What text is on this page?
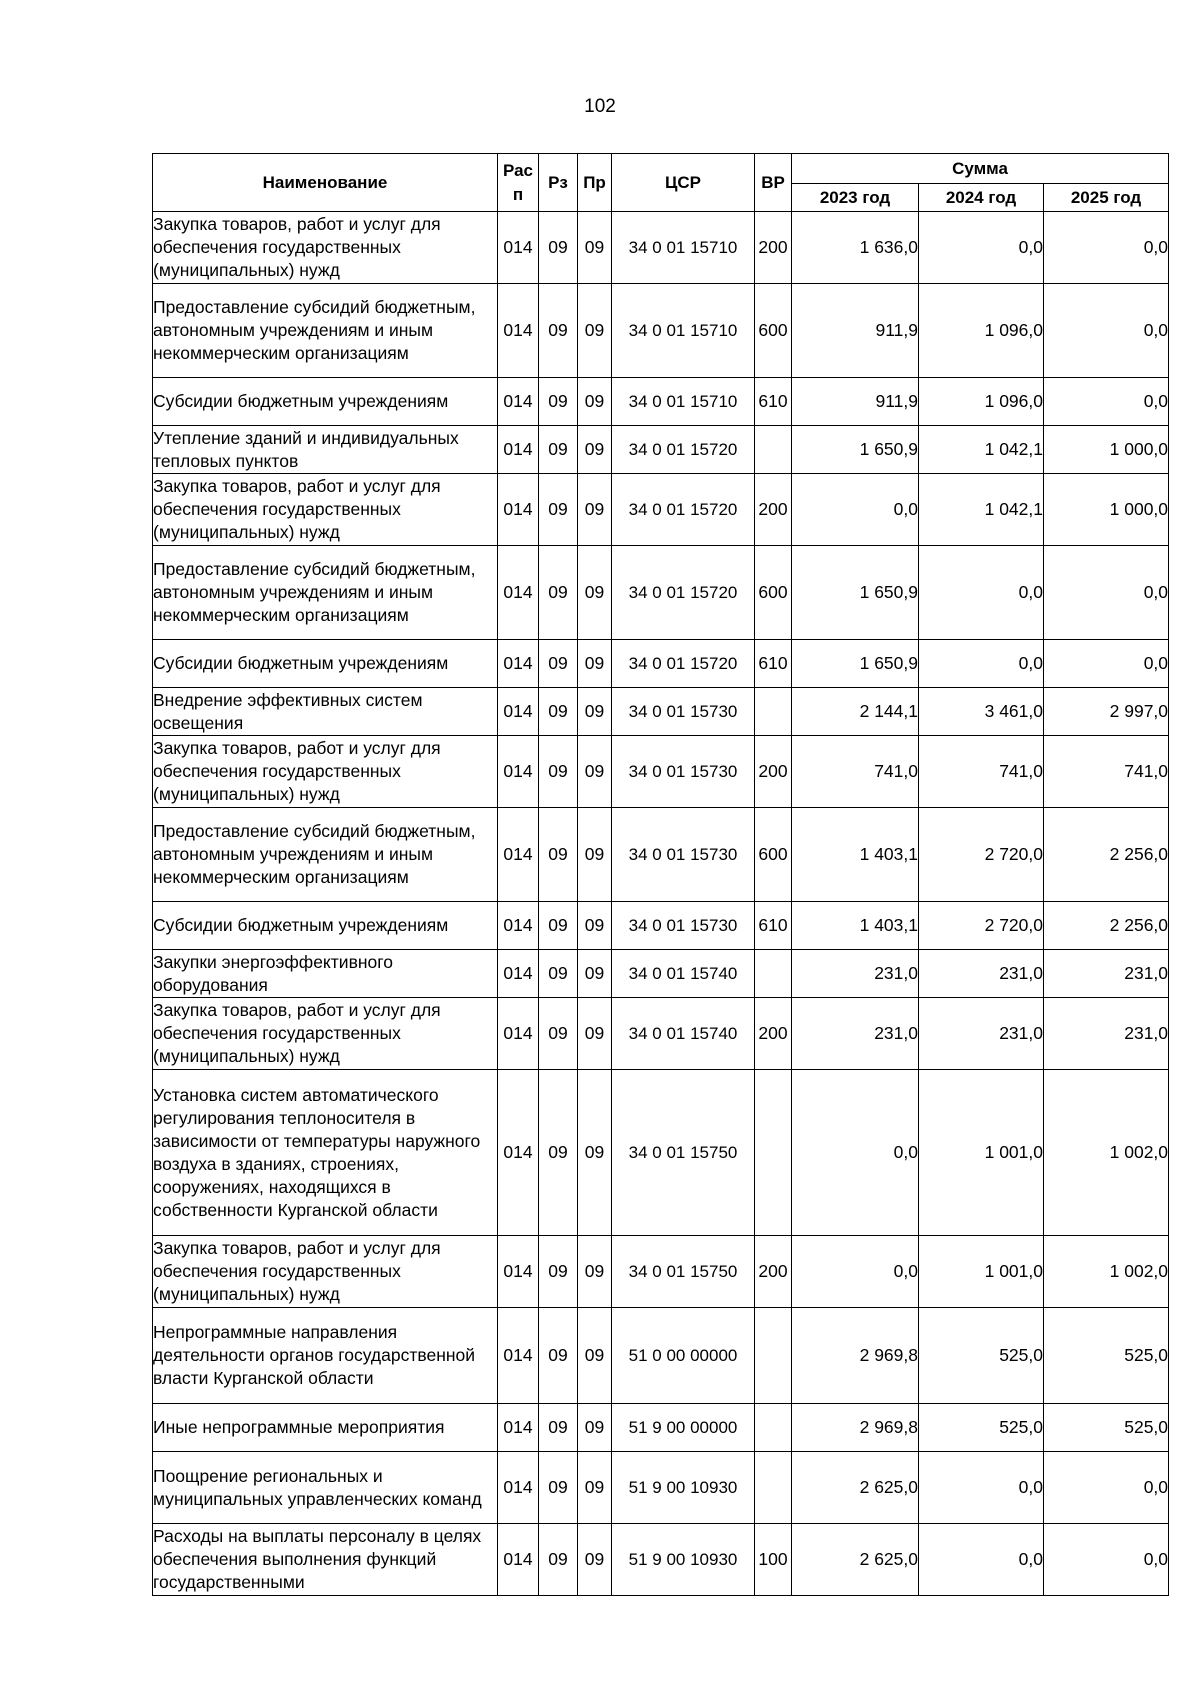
102
Наименование	Рас п	Рз	Пр	ЦСР	ВР	Сумма		
						2023 год	2024 год	2025 год
Закупка товаров, работ и услуг для обеспечения государственных (муниципальных) нужд	014	09	09	34 0 01 15710	200	1 636,0	0,0	0,0
Предоставление субсидий бюджетным, автономным учреждениям и иным некоммерческим организациям	014	09	09	34 0 01 15710	600	911,9	1 096,0	0,0
Субсидии бюджетным учреждениям	014	09	09	34 0 01 15710	610	911,9	1 096,0	0,0
Утепление зданий и индивидуальных тепловых пунктов	014	09	09	34 0 01 15720		1 650,9	1 042,1	1 000,0
Закупка товаров, работ и услуг для обеспечения государственных (муниципальных) нужд	014	09	09	34 0 01 15720	200	0,0	1 042,1	1 000,0
Предоставление субсидий бюджетным, автономным учреждениям и иным некоммерческим организациям	014	09	09	34 0 01 15720	600	1 650,9	0,0	0,0
Субсидии бюджетным учреждениям	014	09	09	34 0 01 15720	610	1 650,9	0,0	0,0
Внедрение эффективных систем освещения	014	09	09	34 0 01 15730		2 144,1	3 461,0	2 997,0
Закупка товаров, работ и услуг для обеспечения государственных (муниципальных) нужд	014	09	09	34 0 01 15730	200	741,0	741,0	741,0
Предоставление субсидий бюджетным, автономным учреждениям и иным некоммерческим организациям	014	09	09	34 0 01 15730	600	1 403,1	2 720,0	2 256,0
Субсидии бюджетным учреждениям	014	09	09	34 0 01 15730	610	1 403,1	2 720,0	2 256,0
Закупки энергоэффективного оборудования	014	09	09	34 0 01 15740		231,0	231,0	231,0
Закупка товаров, работ и услуг для обеспечения государственных (муниципальных) нужд	014	09	09	34 0 01 15740	200	231,0	231,0	231,0
Установка систем автоматического регулирования теплоносителя в зависимости от температуры наружного воздуха в зданиях, строениях, сооружениях, находящихся в собственности Курганской области	014	09	09	34 0 01 15750		0,0	1 001,0	1 002,0
Закупка товаров, работ и услуг для обеспечения государственных (муниципальных) нужд	014	09	09	34 0 01 15750	200	0,0	1 001,0	1 002,0
Непрограммные направления деятельности органов государственной власти Курганской области	014	09	09	51 0 00 00000		2 969,8	525,0	525,0
Иные непрограммные мероприятия	014	09	09	51 9 00 00000		2 969,8	525,0	525,0
Поощрение региональных и муниципальных управленческих команд	014	09	09	51 9 00 10930		2 625,0	0,0	0,0
Расходы на выплаты персоналу в целях обеспечения выполнения функций государственными	014	09	09	51 9 00 10930	100	2 625,0	0,0	0,0
